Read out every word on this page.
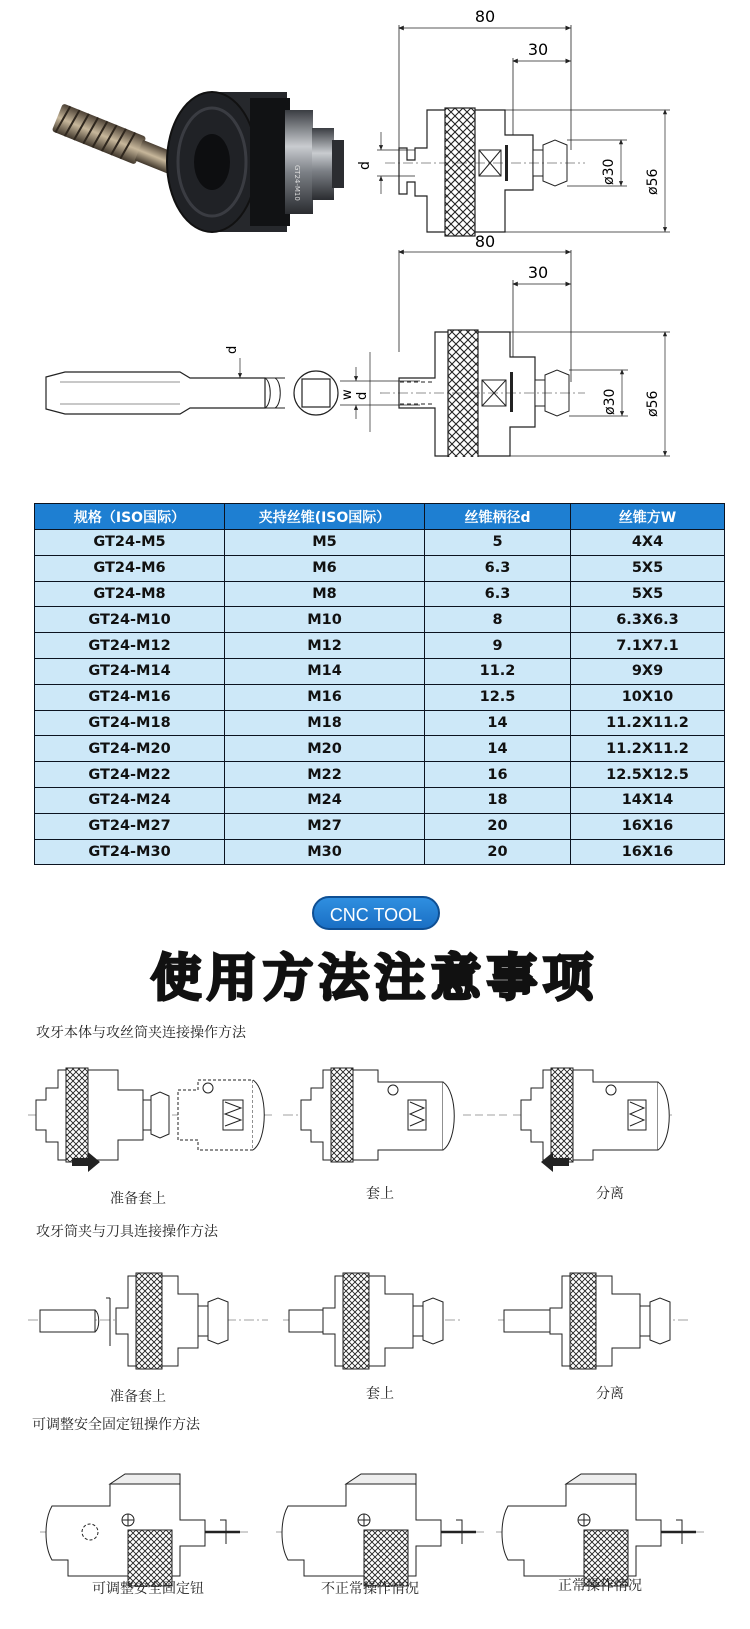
GT24-M10
80
30
d	ø30 ø56
80
30
d
w d	ø30 ø56
规格（ISO国际）	夹持丝锥(ISO国际）	丝锥柄径d	丝锥方W
GT24-M5	M5	5	4X4
GT24-M6	M6	6.3	5X5
GT24-M8	M8	6.3	5X5
GT24-M10	M10	8	6.3X6.3
GT24-M12	M12	9	7.1X7.1
GT24-M14	M14	11.2	9X9
GT24-M16	M16	12.5	10X10
GT24-M18	M18	14	11.2X11.2
GT24-M20	M20	14	11.2X11.2
GT24-M22	M22	16	12.5X12.5
GT24-M24	M24	18	14X14
GT24-M27	M27	20	16X16
GT24-M30	M30	20	16X16
CNC TOOL
使用方法注意事项
攻牙本体与攻丝筒夹连接操作方法
准备套上	套上	分离
攻牙筒夹与刀具连接操作方法
准备套上	套上	分离
可调整安全固定钮操作方法
可调整安全固定钮	不正常操作情况	正常操作情况
